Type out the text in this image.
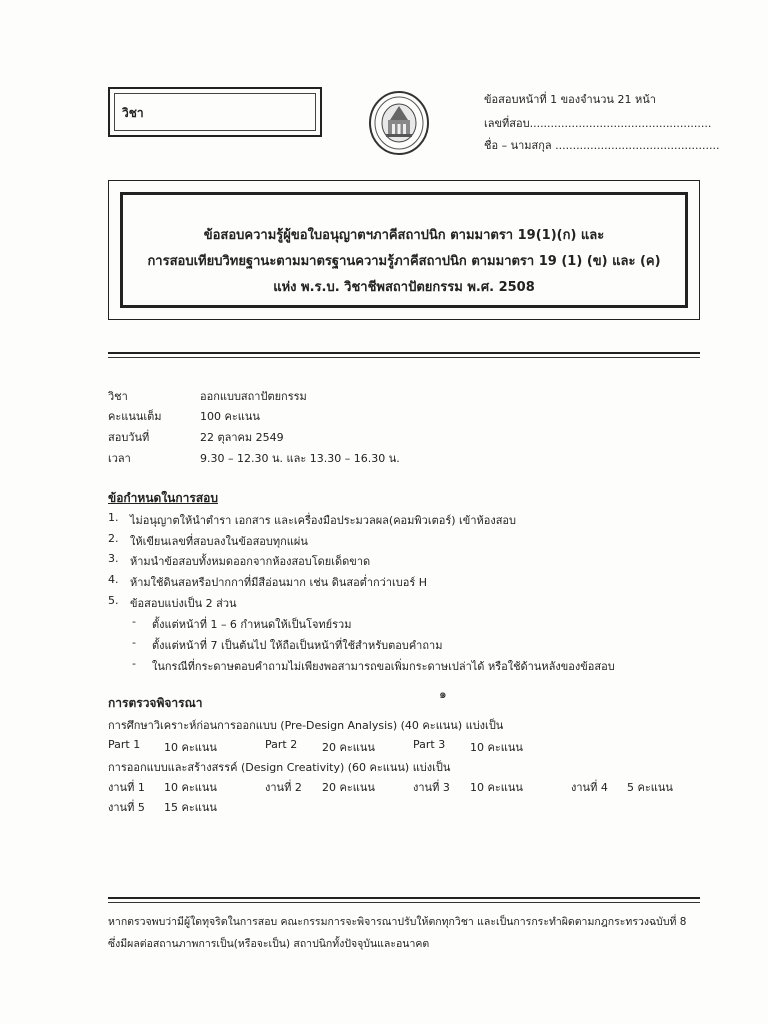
วิชา
ข้อสอบหน้าที่ 1 ของจำนวน 21 หน้า
เลขที่สอบ....................................................
ชื่อ – นามสกุล ...............................................
ข้อสอบความรู้ผู้ขอใบอนุญาตฯภาคีสถาปนิก ตามมาตรา 19(1)(ก) และ
การสอบเทียบวิทยฐานะตามมาตรฐานความรู้ภาคีสถาปนิก ตามมาตรา 19 (1) (ข) และ (ค)
แห่ง พ.ร.บ. วิชาชีพสถาปัตยกรรม พ.ศ. 2508
วิชา	ออกแบบสถาปัตยกรรม
คะแนนเต็ม	100 คะแนน
สอบวันที่	22 ตุลาคม 2549
เวลา	9.30 – 12.30 น. และ 13.30 – 16.30 น.
ข้อกำหนดในการสอบ
1. ไม่อนุญาตให้นำตำรา เอกสาร และเครื่องมือประมวลผล(คอมพิวเตอร์) เข้าห้องสอบ
2. ให้เขียนเลขที่สอบลงในข้อสอบทุกแผ่น
3. ห้ามนำข้อสอบทั้งหมดออกจากห้องสอบโดยเด็ดขาด
4. ห้ามใช้ดินสอหรือปากกาที่มีสีอ่อนมาก เช่น ดินสอต่ำกว่าเบอร์ H
5. ข้อสอบแบ่งเป็น 2 ส่วน
- ตั้งแต่หน้าที่ 1 – 6 กำหนดให้เป็นโจทย์รวม
- ตั้งแต่หน้าที่ 7 เป็นต้นไป ให้ถือเป็นหน้าที่ใช้สำหรับตอบคำถาม
- ในกรณีที่กระดาษตอบคำถามไม่เพียงพอสามารถขอเพิ่มกระดาษเปล่าได้ หรือใช้ด้านหลังของข้อสอบ
๑
การตรวจพิจารณา
การศึกษาวิเคราะห์ก่อนการออกแบบ (Pre-Design Analysis) (40 คะแนน) แบ่งเป็น
Part 1 10 คะแนน	Part 2 20 คะแนน	Part 3 10 คะแนน
การออกแบบและสร้างสรรค์ (Design Creativity) (60 คะแนน) แบ่งเป็น
งานที่ 1 10 คะแนน	งานที่ 2 20 คะแนน	งานที่ 3 10 คะแนน	งานที่ 4 5 คะแนน
งานที่ 5 15 คะแนน
หากตรวจพบว่ามีผู้ใดทุจริตในการสอบ คณะกรรมการจะพิจารณาปรับให้ตกทุกวิชา และเป็นการกระทำผิดตามกฎกระทรวงฉบับที่ 8
ซึ่งมีผลต่อสถานภาพการเป็น(หรือจะเป็น) สถาปนิกทั้งปัจจุบันและอนาคต
